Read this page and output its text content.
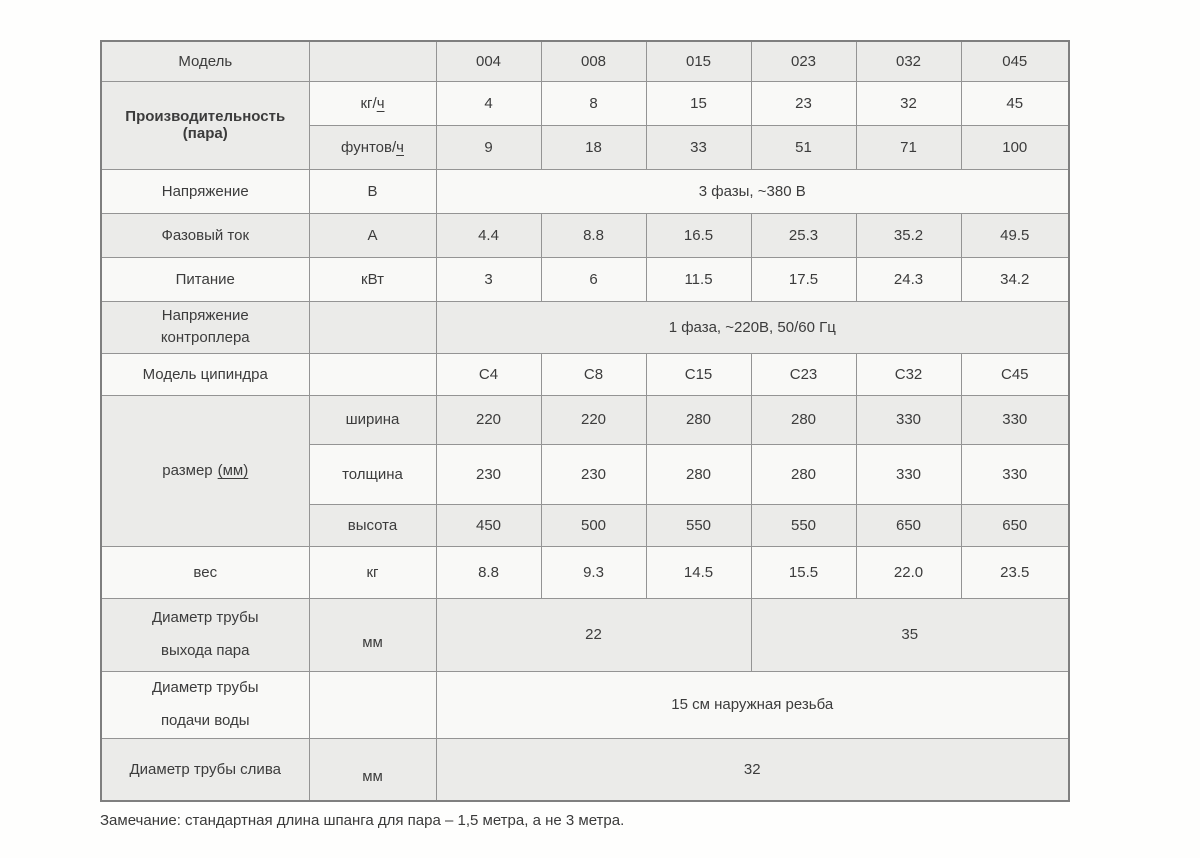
Модель		004	008	015	023	032	045
Производительность (пара)	кг/ч	4	8	15	23	32	45
	фунтов/ч	9	18	33	51	71	100
Напряжение	В	3 фазы, ~380 В					
Фазовый ток	А	4.4	8.8	16.5	25.3	35.2	49.5
Питание	кВт	3	6	11.5	17.5	24.3	34.2

Напряжение
контроплера		1 фаза, ~220В, 50/60 Гц					
Модель ципиндра		C4	C8	C15	C23	C32	C45
размер (мм)	ширина	220	220	280	280	330	330
	толщина	230	230	280	280	330	330
	высота	450	500	550	550	650	650
вес	кг	8.8	9.3	14.5	15.5	22.0	23.5

Диаметр трубы
выхода пара	мм	22			35		

Диаметр трубы
подачи воды		15 см наружная резьба					
Диаметр трубы слива	мм	32					
Замечание: стандартная длина шпанга для пара – 1,5 метра, а не 3 метра.
